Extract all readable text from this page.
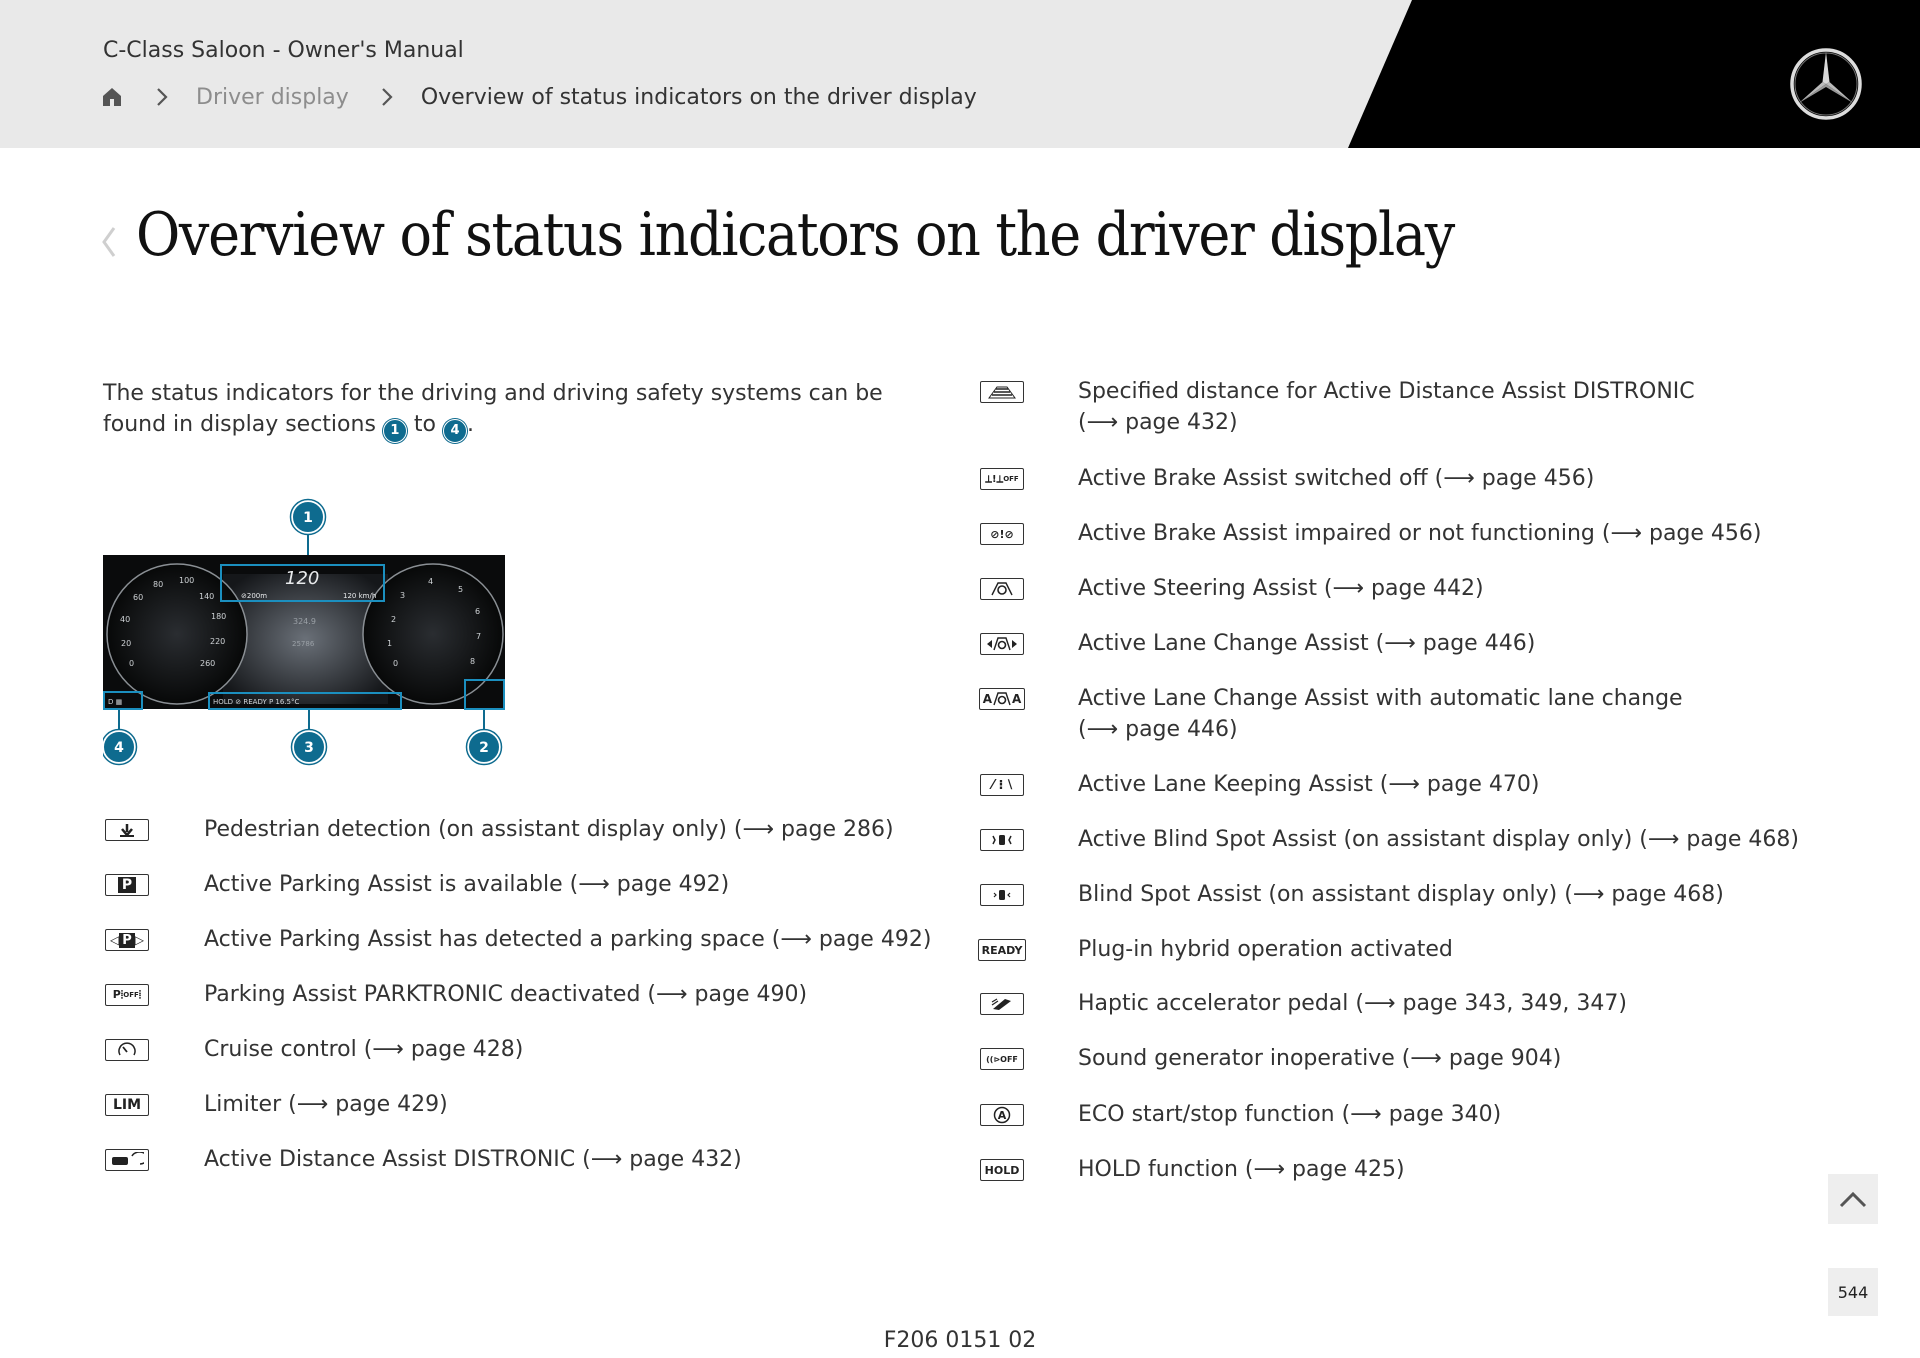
C-Class Saloon - Owner's Manual
Driver display	Overview of status indicators on the driver display
Overview of status indicators on the driver display
The status indicators for the driving and driving safety systems can be found in display sections 1 to 4 .
60
80 100
140
180
220
260
40
20
0
3
4
5
6
7
8
2
1
0
120
324.9
25786
⊘200m	120 km/h
HOLD ⊘ READY P 16.5°C
D ▦
1
4	3	2
Pedestrian detection (on assistant display only) (⟶ page 286)
P	Active Parking Assist is available (⟶ page 492)
◁ P ▷	Active Parking Assist has detected a parking space (⟶ page 492)
P⦙ OFF ⦙	Parking Assist PARKTRONIC deactivated (⟶ page 490)
Cruise control (⟶ page 428)
LIM	Limiter (⟶ page 429)
Active Distance Assist DISTRONIC (⟶ page 432)
Specified distance for Active Distance Assist DISTRONIC
(⟶ page 432)
⟂!⟂ OFF	Active Brake Assist switched off (⟶ page 456)
⊘!⊘	Active Brake Assist impaired or not functioning (⟶ page 456)
Active Steering Assist (⟶ page 442)
Active Lane Change Assist (⟶ page 446)
A A	Active Lane Change Assist with automatic lane change
(⟶ page 446)
⁄ ⁝ ⧵	Active Lane Keeping Assist (⟶ page 470)
Active Blind Spot Assist (on assistant display only) (⟶ page 468)
Blind Spot Assist (on assistant display only) (⟶ page 468)
READY	Plug-in hybrid operation activated
Haptic accelerator pedal (⟶ page 343, 349, 347)
((⊳OFF	Sound generator inoperative (⟶ page 904)
A	ECO start/stop function (⟶ page 340)
HOLD	HOLD function (⟶ page 425)
544
F206 0151 02
